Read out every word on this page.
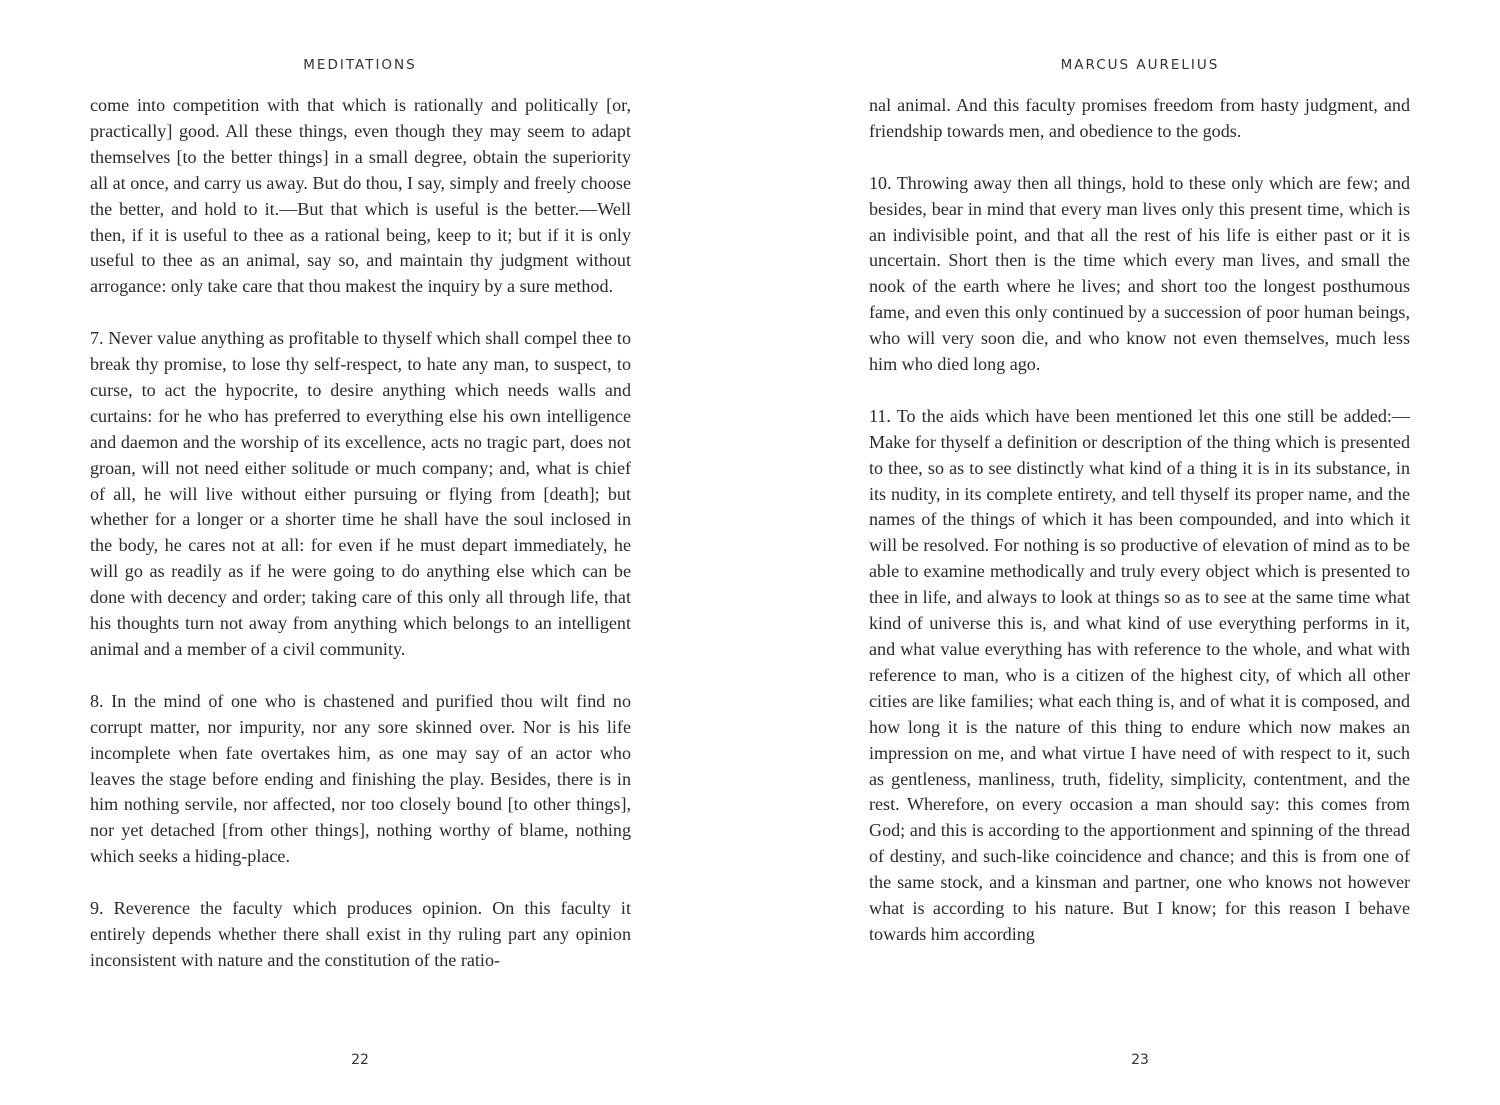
MEDITATIONS

come into competition with that which is rationally and politically [or, practically] good. All these things, even though they may seem to adapt themselves [to the better things] in a small degree, obtain the superiority all at once, and carry us away. But do thou, I say, simply and freely choose the better, and hold to it.—But that which is useful is the better.—Well then, if it is useful to thee as a rational being, keep to it; but if it is only useful to thee as an animal, say so, and maintain thy judgment without arrogance: only take care that thou makest the inquiry by a sure method.

7. Never value anything as profitable to thyself which shall compel thee to break thy promise, to lose thy self-respect, to hate any man, to suspect, to curse, to act the hypocrite, to desire anything which needs walls and curtains: for he who has preferred to everything else his own intelligence and daemon and the worship of its excellence, acts no tragic part, does not groan, will not need either solitude or much company; and, what is chief of all, he will live without either pursuing or flying from [death]; but whether for a longer or a shorter time he shall have the soul inclosed in the body, he cares not at all: for even if he must depart immediately, he will go as readily as if he were going to do anything else which can be done with decency and order; taking care of this only all through life, that his thoughts turn not away from anything which belongs to an intelligent animal and a member of a civil community.

8. In the mind of one who is chastened and purified thou wilt find no corrupt matter, nor impurity, nor any sore skinned over. Nor is his life incomplete when fate overtakes him, as one may say of an actor who leaves the stage before ending and finishing the play. Besides, there is in him nothing servile, nor affected, nor too closely bound [to other things], nor yet detached [from other things], nothing worthy of blame, nothing which seeks a hiding-place.

9. Reverence the faculty which produces opinion. On this faculty it entirely depends whether there shall exist in thy ruling part any opinion inconsistent with nature and the constitution of the ratio-

22
MARCUS AURELIUS

nal animal. And this faculty promises freedom from hasty judgment, and friendship towards men, and obedience to the gods.

10. Throwing away then all things, hold to these only which are few; and besides, bear in mind that every man lives only this present time, which is an indivisible point, and that all the rest of his life is either past or it is uncertain. Short then is the time which every man lives, and small the nook of the earth where he lives; and short too the longest posthumous fame, and even this only continued by a succession of poor human beings, who will very soon die, and who know not even themselves, much less him who died long ago.

11. To the aids which have been mentioned let this one still be added:—Make for thyself a definition or description of the thing which is presented to thee, so as to see distinctly what kind of a thing it is in its substance, in its nudity, in its complete entirety, and tell thyself its proper name, and the names of the things of which it has been compounded, and into which it will be resolved. For nothing is so productive of elevation of mind as to be able to examine methodically and truly every object which is presented to thee in life, and always to look at things so as to see at the same time what kind of universe this is, and what kind of use everything performs in it, and what value everything has with reference to the whole, and what with reference to man, who is a citizen of the highest city, of which all other cities are like families; what each thing is, and of what it is composed, and how long it is the nature of this thing to endure which now makes an impression on me, and what virtue I have need of with respect to it, such as gentleness, manliness, truth, fidelity, simplicity, contentment, and the rest. Wherefore, on every occasion a man should say: this comes from God; and this is according to the apportionment and spinning of the thread of destiny, and such-like coincidence and chance; and this is from one of the same stock, and a kinsman and partner, one who knows not however what is according to his nature. But I know; for this reason I behave towards him according

23
